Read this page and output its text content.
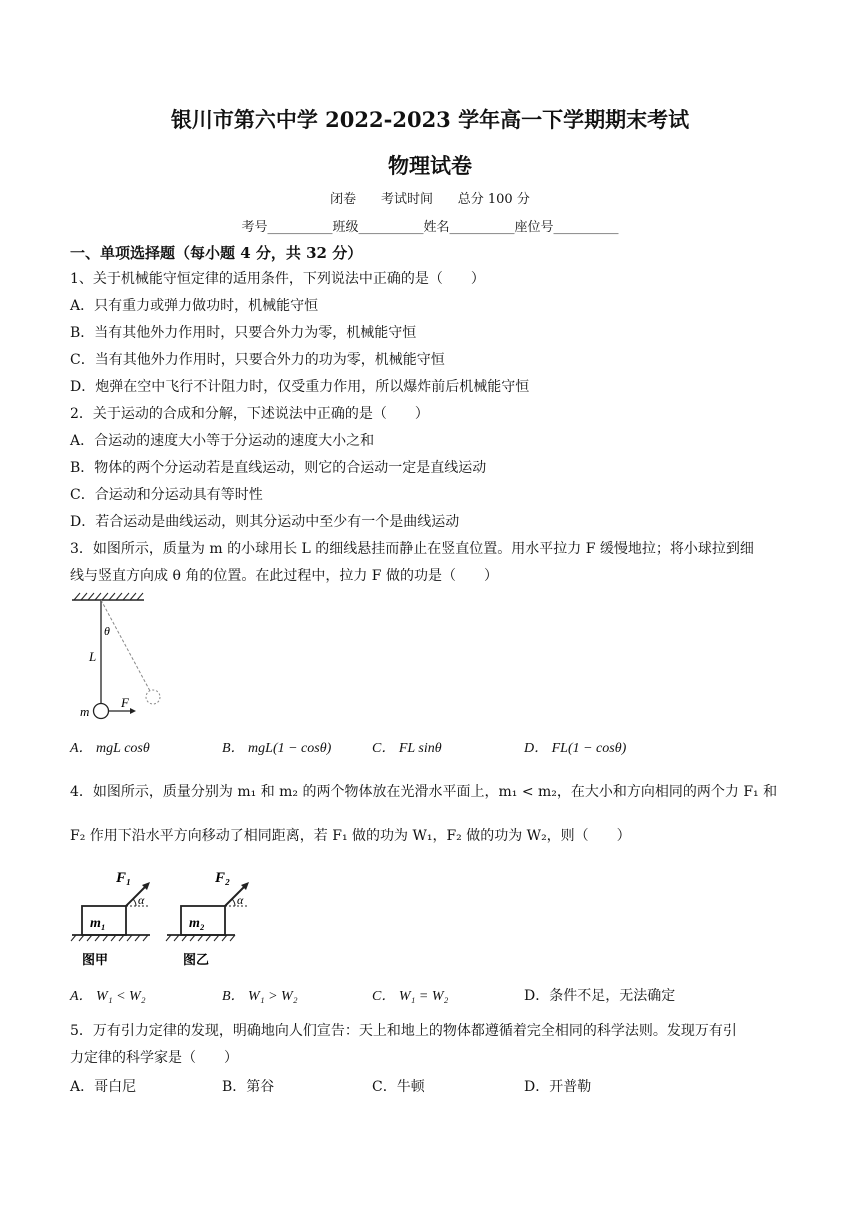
银川市第六中学 2022-2023 学年高一下学期期末考试
物理试卷
闭卷      考试时间      总分 100 分
考号__________班级__________姓名__________座位号__________
一、单项选择题（每小题 4 分，共 32 分）
1、关于机械能守恒定律的适用条件，下列说法中正确的是（　　）
A．只有重力或弹力做功时，机械能守恒
B．当有其他外力作用时，只要合外力为零，机械能守恒
C．当有其他外力作用时，只要合外力的功为零，机械能守恒
D．炮弹在空中飞行不计阻力时，仅受重力作用，所以爆炸前后机械能守恒
2．关于运动的合成和分解，下述说法中正确的是（　　）
A．合运动的速度大小等于分运动的速度大小之和
B．物体的两个分运动若是直线运动，则它的合运动一定是直线运动
C．合运动和分运动具有等时性
D．若合运动是曲线运动，则其分运动中至少有一个是曲线运动
3．如图所示，质量为 m 的小球用长 L 的细线悬挂而静止在竖直位置。用水平拉力 F 缓慢地拉；将小球拉到细
线与竖直方向成 θ 角的位置。在此过程中，拉力 F 做的功是（　　）
θ
L
m
F
A． mgL cosθ	B． mgL(1 − cosθ)	C． FL sinθ	D． FL(1 − cosθ)
4．如图所示，质量分别为 m₁ 和 m₂ 的两个物体放在光滑水平面上，m₁ < m₂，在大小和方向相同的两个力 F₁ 和
F₂ 作用下沿水平方向移动了相同距离，若 F₁ 做的功为 W₁，F₂ 做的功为 W₂，则（　　）
F₁
m₁
α
图甲
F₂
m₂
α
图乙
A． W₁ < W₂	B． W₁ > W₂	C． W₁ = W₂	D．条件不足，无法确定
5．万有引力定律的发现，明确地向人们宣告：天上和地上的物体都遵循着完全相同的科学法则。发现万有引
力定律的科学家是（　　）
A．哥白尼	B．第谷	C．牛顿	D．开普勒
